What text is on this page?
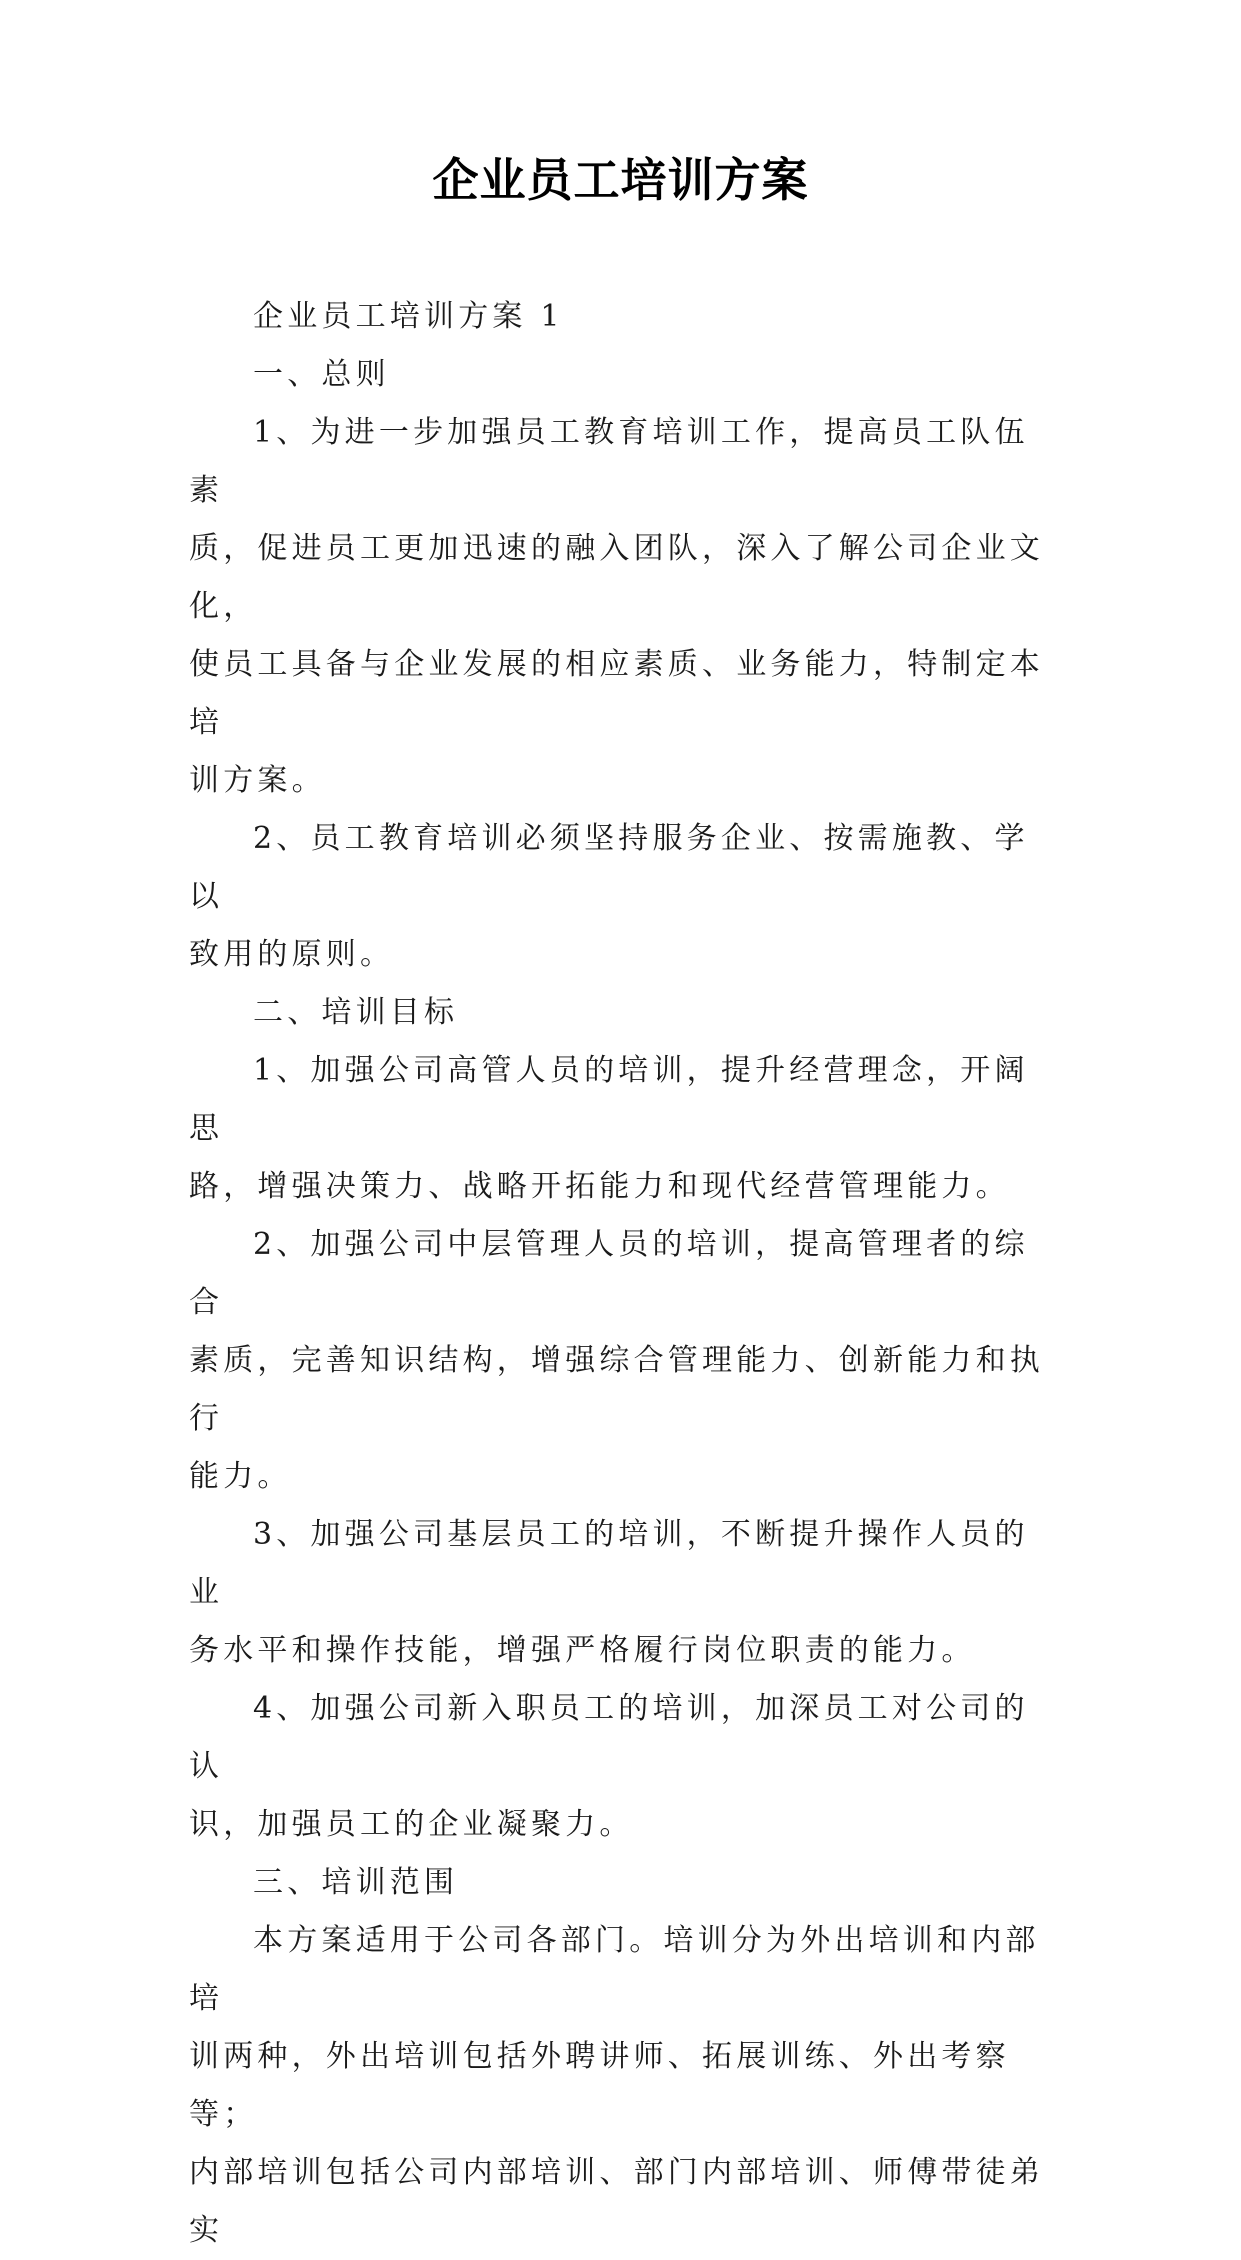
企业员工培训方案

企业员工培训方案 1

一、总则

1、为进一步加强员工教育培训工作，提高员工队伍素
质，促进员工更加迅速的融入团队，深入了解公司企业文化，
使员工具备与企业发展的相应素质、业务能力，特制定本培
训方案。

2、员工教育培训必须坚持服务企业、按需施教、学以
致用的原则。

二、培训目标

1、加强公司高管人员的培训，提升经营理念，开阔思
路，增强决策力、战略开拓能力和现代经营管理能力。

2、加强公司中层管理人员的培训，提高管理者的综合
素质，完善知识结构，增强综合管理能力、创新能力和执行
能力。

3、加强公司基层员工的培训，不断提升操作人员的业
务水平和操作技能，增强严格履行岗位职责的能力。

4、加强公司新入职员工的培训，加深员工对公司的认
识，加强员工的企业凝聚力。

三、培训范围

本方案适用于公司各部门。培训分为外出培训和内部培
训两种，外出培训包括外聘讲师、拓展训练、外出考察等；
内部培训包括公司内部培训、部门内部培训、师傅带徒弟实
